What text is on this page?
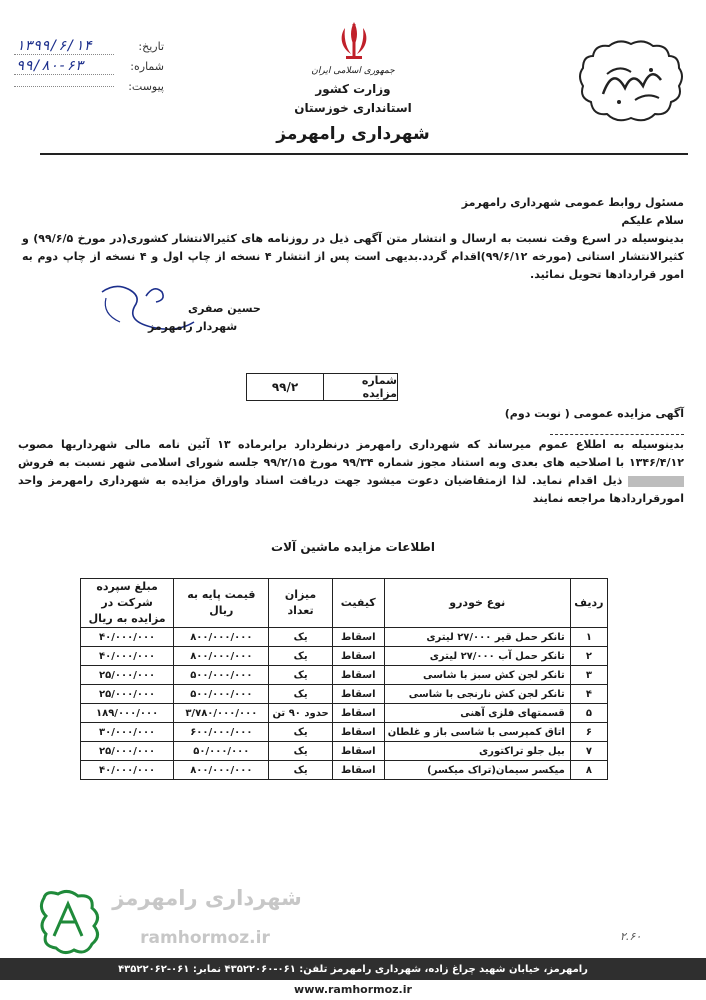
تاریخ:
۱۳۹۹/۶/۱۴
شماره:
۹۹/۸۰-۶۳
پیوست:
جمهوری اسلامی ایران
وزارت کشور
استانداری خوزستان
شهرداری رامهرمز
مسئول روابط عمومی شهرداری رامهرمز
سلام علیکم
بدینوسیله در اسرع وقت نسبت به ارسال و انتشار متن آگهی ذیل در روزنامه های کثیرالانتشار کشوری(در مورخ ۹۹/۶/۵) و کثیرالانتشار استانی (مورخه ۹۹/۶/۱۲)اقدام گردد.بدیهی است پس از انتشار ۴ نسخه از چاپ اول و ۴ نسخه از چاپ دوم به امور قراردادها تحویل نمائید.
حسین صفری
شهردار رامهرمز
شماره مزایده
۹۹/۲
آگهی مزایده عمومی ( نوبت دوم)
بدینوسیله به اطلاع عموم میرساند که شهرداری رامهرمز درنظردارد برابرماده ۱۳ آئین نامه مالی شهرداریها مصوب ۱۳۴۶/۴/۱۲ با اصلاحیه های بعدی وبه استناد مجوز شماره ۹۹/۳۴ مورخ ۹۹/۲/۱۵ جلسه شورای اسلامی شهر نسبت به فروش  ذیل اقدام نماید. لذا ازمتقاضیان دعوت میشود جهت دریافت اسناد واوراق مزایده به شهرداری رامهرمز واحد امورقراردادها مراجعه نمایند
اطلاعات مزایده ماشین آلات
ردیف	نوع خودرو	کیفیت	میزان تعداد	قیمت پایه به ریال	مبلغ سپرده شرکت در مزایده به ریال
۱	تانکر حمل قیر ۲۷/۰۰۰ لیتری	اسقاط	یک	۸۰۰/۰۰۰/۰۰۰	۴۰/۰۰۰/۰۰۰
۲	تانکر حمل آب ۲۷/۰۰۰ لیتری	اسقاط	یک	۸۰۰/۰۰۰/۰۰۰	۴۰/۰۰۰/۰۰۰
۳	تانکر لجن کش سبز با شاسی	اسقاط	یک	۵۰۰/۰۰۰/۰۰۰	۲۵/۰۰۰/۰۰۰
۴	تانکر لجن کش نارنجی با شاسی	اسقاط	یک	۵۰۰/۰۰۰/۰۰۰	۲۵/۰۰۰/۰۰۰
۵	قسمتهای فلزی آهنی	اسقاط	حدود ۹۰ تن	۳/۷۸۰/۰۰۰/۰۰۰	۱۸۹/۰۰۰/۰۰۰
۶	اتاق کمپرسی با شاسی باز و غلطان	اسقاط	یک	۶۰۰/۰۰۰/۰۰۰	۳۰/۰۰۰/۰۰۰
۷	بیل جلو تراکتوری	اسقاط	یک	۵۰/۰۰۰/۰۰۰	۲۵/۰۰۰/۰۰۰
۸	میکسر سیمان(تراک میکسر)	اسقاط	یک	۸۰۰/۰۰۰/۰۰۰	۴۰/۰۰۰/۰۰۰
شهرداری رامهرمز
ramhormoz.ir	۲.۶۰
رامهرمز، خیابان شهید چراغ زاده، شهرداری رامهرمز تلفن: ۰۶۱-۴۳۵۲۲۰۶۰ نمابر: ۰۶۱-۴۳۵۲۲۰۶۲
www.ramhormoz.ir
